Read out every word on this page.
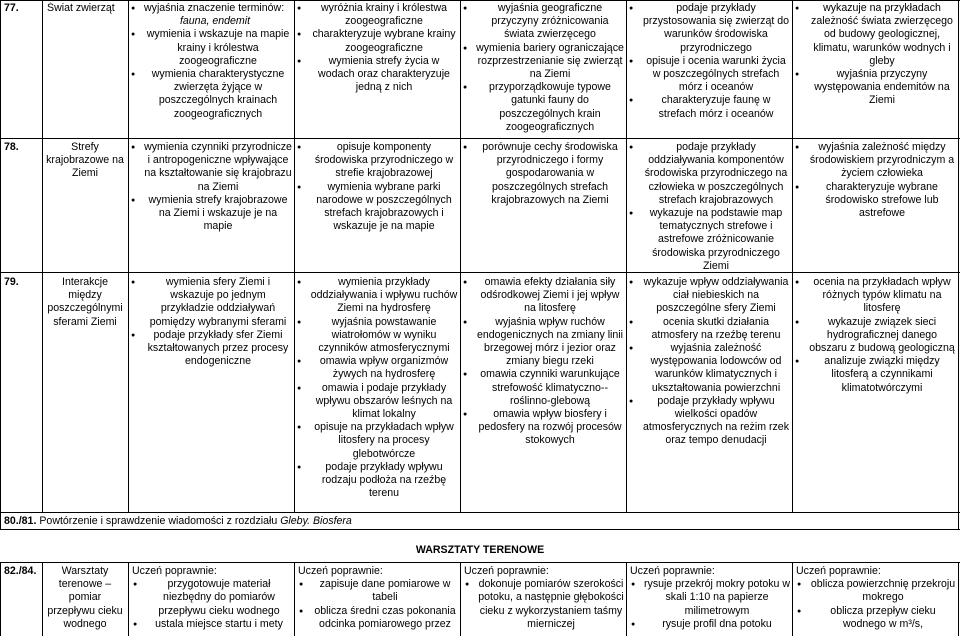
77.	Świat zwierząt
●	wyjaśnia znaczenie terminów:
fauna, endemit
● wymienia i wskazuje na mapie krainy i królestwa zoogeograficzne
● wymienia charakterystyczne zwierzęta żyjące w poszczególnych krainach zoogeograficznych
● wyróżnia krainy i królestwa zoogeograficzne
● charakteryzuje wybrane krainy zoogeograficzne
● wymienia strefy życia w wodach oraz charakteryzuje jedną z nich
● wyjaśnia geograficzne przyczyny zróżnicowania świata zwierzęcego
● wymienia bariery ograniczające rozprzestrzenianie się zwierząt na Ziemi
● przyporządkowuje typowe gatunki fauny do poszczególnych krain zoogeograficznych
● podaje przykłady przystosowania się zwierząt do warunków środowiska przyrodniczego
● opisuje i ocenia warunki życia w poszczególnych strefach mórz i oceanów
● charakteryzuje faunę w strefach mórz i oceanów
● wykazuje na przykładach zależność świata zwierzęcego od budowy geologicznej, klimatu, warunków wodnych i gleby
● wyjaśnia przyczyny występowania endemitów na Ziemi
78.	Strefy krajobrazowe na Ziemi
● wymienia czynniki przyrodnicze i antropogeniczne wpływające na kształtowanie się krajobrazu na Ziemi
● wymienia strefy krajobrazowe na Ziemi i wskazuje je na mapie
● opisuje komponenty środowiska przyrodniczego w strefie krajobrazowej
● wymienia wybrane parki narodowe w poszczególnych strefach krajobrazowych i wskazuje je na mapie
● porównuje cechy środowiska przyrodniczego i formy gospodarowania w poszczególnych strefach krajobrazowych na Ziemi
● podaje przykłady oddziaływania komponentów środowiska przyrodniczego na człowieka w poszczególnych strefach krajobrazowych
● wykazuje na podstawie map tematycznych strefowe i astrefowe zróżnicowanie środowiska przyrodniczego Ziemi
● wyjaśnia zależność między środowiskiem przyrodniczym a życiem człowieka
● charakteryzuje wybrane środowisko strefowe lub astrefowe
79.	Interakcje między poszczególnymi sferami Ziemi
● wymienia sfery Ziemi i wskazuje po jednym przykładzie oddziaływań pomiędzy wybranymi sferami
● podaje przykłady sfer Ziemi kształtowanych przez procesy endogeniczne
● wymienia przykłady oddziaływania i wpływu ruchów Ziemi na hydrosferę
● wyjaśnia powstawanie wiatrołomów w wyniku czynników atmosferycznymi
● omawia wpływ organizmów żywych na hydrosferę
● omawia i podaje przykłady wpływu obszarów leśnych na klimat lokalny
● opisuje na przykładach wpływ litosfery na procesy glebotwórcze
● podaje przykłady wpływu rodzaju podłoża na rzeźbę terenu
● omawia efekty działania siły odśrodkowej Ziemi i jej wpływ na litosferę
● wyjaśnia wpływ ruchów endogenicznych na zmiany linii brzegowej mórz i jezior oraz zmiany biegu rzeki
● omawia czynniki warunkujące strefowość klimatyczno--roślinno-glebową
● omawia wpływ biosfery i pedosfery na rozwój procesów stokowych
● wykazuje wpływ oddziaływania ciał niebieskich na poszczególne sfery Ziemi
● ocenia skutki działania atmosfery na rzeźbę terenu
● wyjaśnia zależność występowania lodowców od warunków klimatycznych i ukształtowania powierzchni
● podaje przykłady wpływu wielkości opadów atmosferycznych na reżim rzek oraz tempo denudacji
● ocenia na przykładach wpływ różnych typów klimatu na litosferę
● wykazuje związek sieci hydrograficznej danego obszaru z budową geologiczną
● analizuje związki między litosferą a czynnikami klimatotwórczymi
80./81. Powtórzenie i sprawdzenie wiadomości z rozdziału Gleby. Biosfera
WARSZTATY TERENOWE
82./84.	Warsztaty terenowe – pomiar przepływu cieku wodnego
Uczeń poprawnie:
● przygotowuje materiał niezbędny do pomiarów przepływu cieku wodnego
● ustala miejsce startu i mety
Uczeń poprawnie:
● zapisuje dane pomiarowe w tabeli
● oblicza średni czas pokonania odcinka pomiarowego przez
Uczeń poprawnie:
● dokonuje pomiarów szerokości potoku, a następnie głębokości cieku z wykorzystaniem taśmy mierniczej
Uczeń poprawnie:
● rysuje przekrój mokry potoku w skali 1:10 na papierze milimetrowym
● rysuje profil dna potoku
Uczeń poprawnie:
● oblicza powierzchnię przekroju mokrego
● oblicza przepływ cieku wodnego w m³/s,
